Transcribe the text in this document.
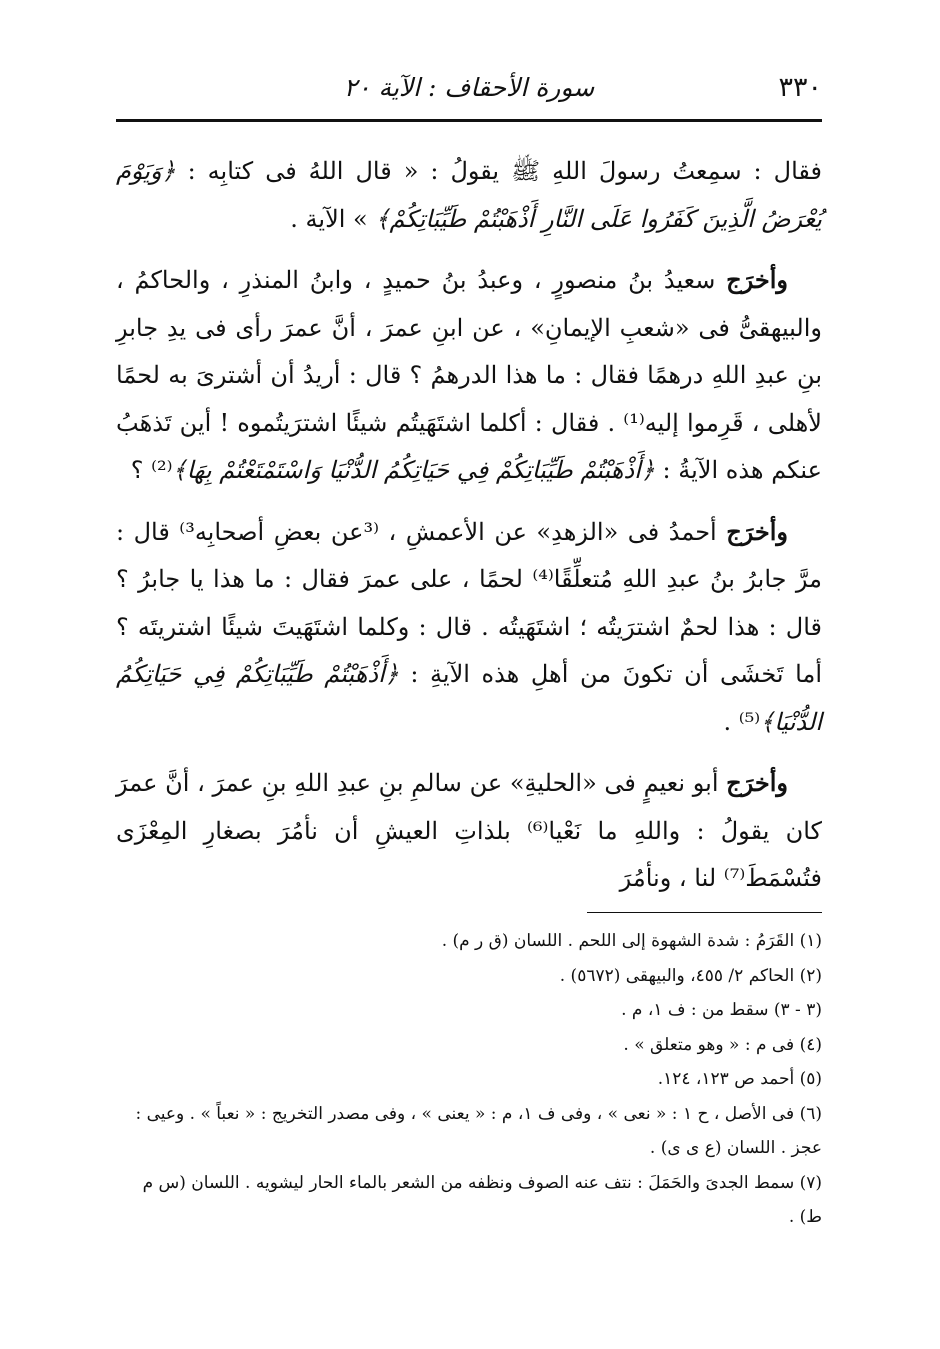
٣٣٠
سورة الأحقاف : الآية ٢٠

فقال : سمِعتُ رسولَ اللهِ ﷺ يقولُ : « قال اللهُ فى كتابِه : ﴿وَيَوْمَ يُعْرَضُ الَّذِينَ كَفَرُوا عَلَى النَّارِ أَذْهَبْتُمْ طَيِّبَاتِكُمْ﴾ » الآية .

وأخرَج سعيدُ بنُ منصورٍ ، وعبدُ بنُ حميدٍ ، وابنُ المنذرِ ، والحاكمُ ، والبيهقىُّ فى «شعبِ الإيمانِ» ، عن ابنِ عمرَ ، أنَّ عمرَ رأى فى يدِ جابرِ بنِ عبدِ اللهِ درهمًا فقال : ما هذا الدرهمُ ؟ قال : أريدُ أن أشترىَ به لحمًا لأهلى ، قَرِموا إليه⁽¹⁾ . فقال : أكلما اشتَهَيتُم شيئًا اشترَيتُموه ! أين تَذهَبُ عنكم هذه الآيةُ : ﴿أَذْهَبْتُمْ طَيِّبَاتِكُمْ فِي حَيَاتِكُمُ الدُّنْيَا وَاسْتَمْتَعْتُمْ بِهَا﴾⁽²⁾ ؟

وأخرَج أحمدُ فى «الزهدِ» عن الأعمشِ ، ⁽³عن بعضِ أصحابِه³⁾ قال : مرَّ جابرُ بنُ عبدِ اللهِ مُتعلِّقًا⁽⁴⁾ لحمًا ، على عمرَ فقال : ما هذا يا جابرُ ؟ قال : هذا لحمٌ اشترَيتُه ؛ اشتَهَيتُه . قال : وكلما اشتَهَيتَ شيئًا اشتريتَه ؟ أما تَخشَى أن تكونَ من أهلِ هذه الآيةِ : ﴿أَذْهَبْتُمْ طَيِّبَاتِكُمْ فِي حَيَاتِكُمُ الدُّنْيَا﴾⁽⁵⁾ .

وأخرَج أبو نعيمٍ فى «الحليةِ» عن سالمِ بنِ عبدِ اللهِ بنِ عمرَ ، أنَّ عمرَ كان يقولُ : واللهِ ما نَعْيا⁽⁶⁾ بلذاتِ العيشِ أن نأمُرَ بصغارِ المِعْزَى فتُسْمَطَ⁽⁷⁾ لنا ، ونأمُرَ

(١) القَرَمُ : شدة الشهوة إلى اللحم . اللسان (ق ر م) .

(٢) الحاكم ٢/ ٤٥٥، والبيهقى (٥٦٧٢) .

(٣ - ٣) سقط من : ف ١، م .

(٤) فى م : « وهو متعلق » .

(٥) أحمد ص ١٢٣، ١٢٤.

(٦) فى الأصل ، ح ١ : « نعى » ، وفى ف ١، م : « يعنى » ، وفى مصدر التخريج : « نعباً » . وعيى : عجز . اللسان (ع ى ى) .

(٧) سمط الجدىَ والحَمَلَ : نتف عنه الصوف ونظفه من الشعر بالماء الحار ليشويه . اللسان (س م ط) .
